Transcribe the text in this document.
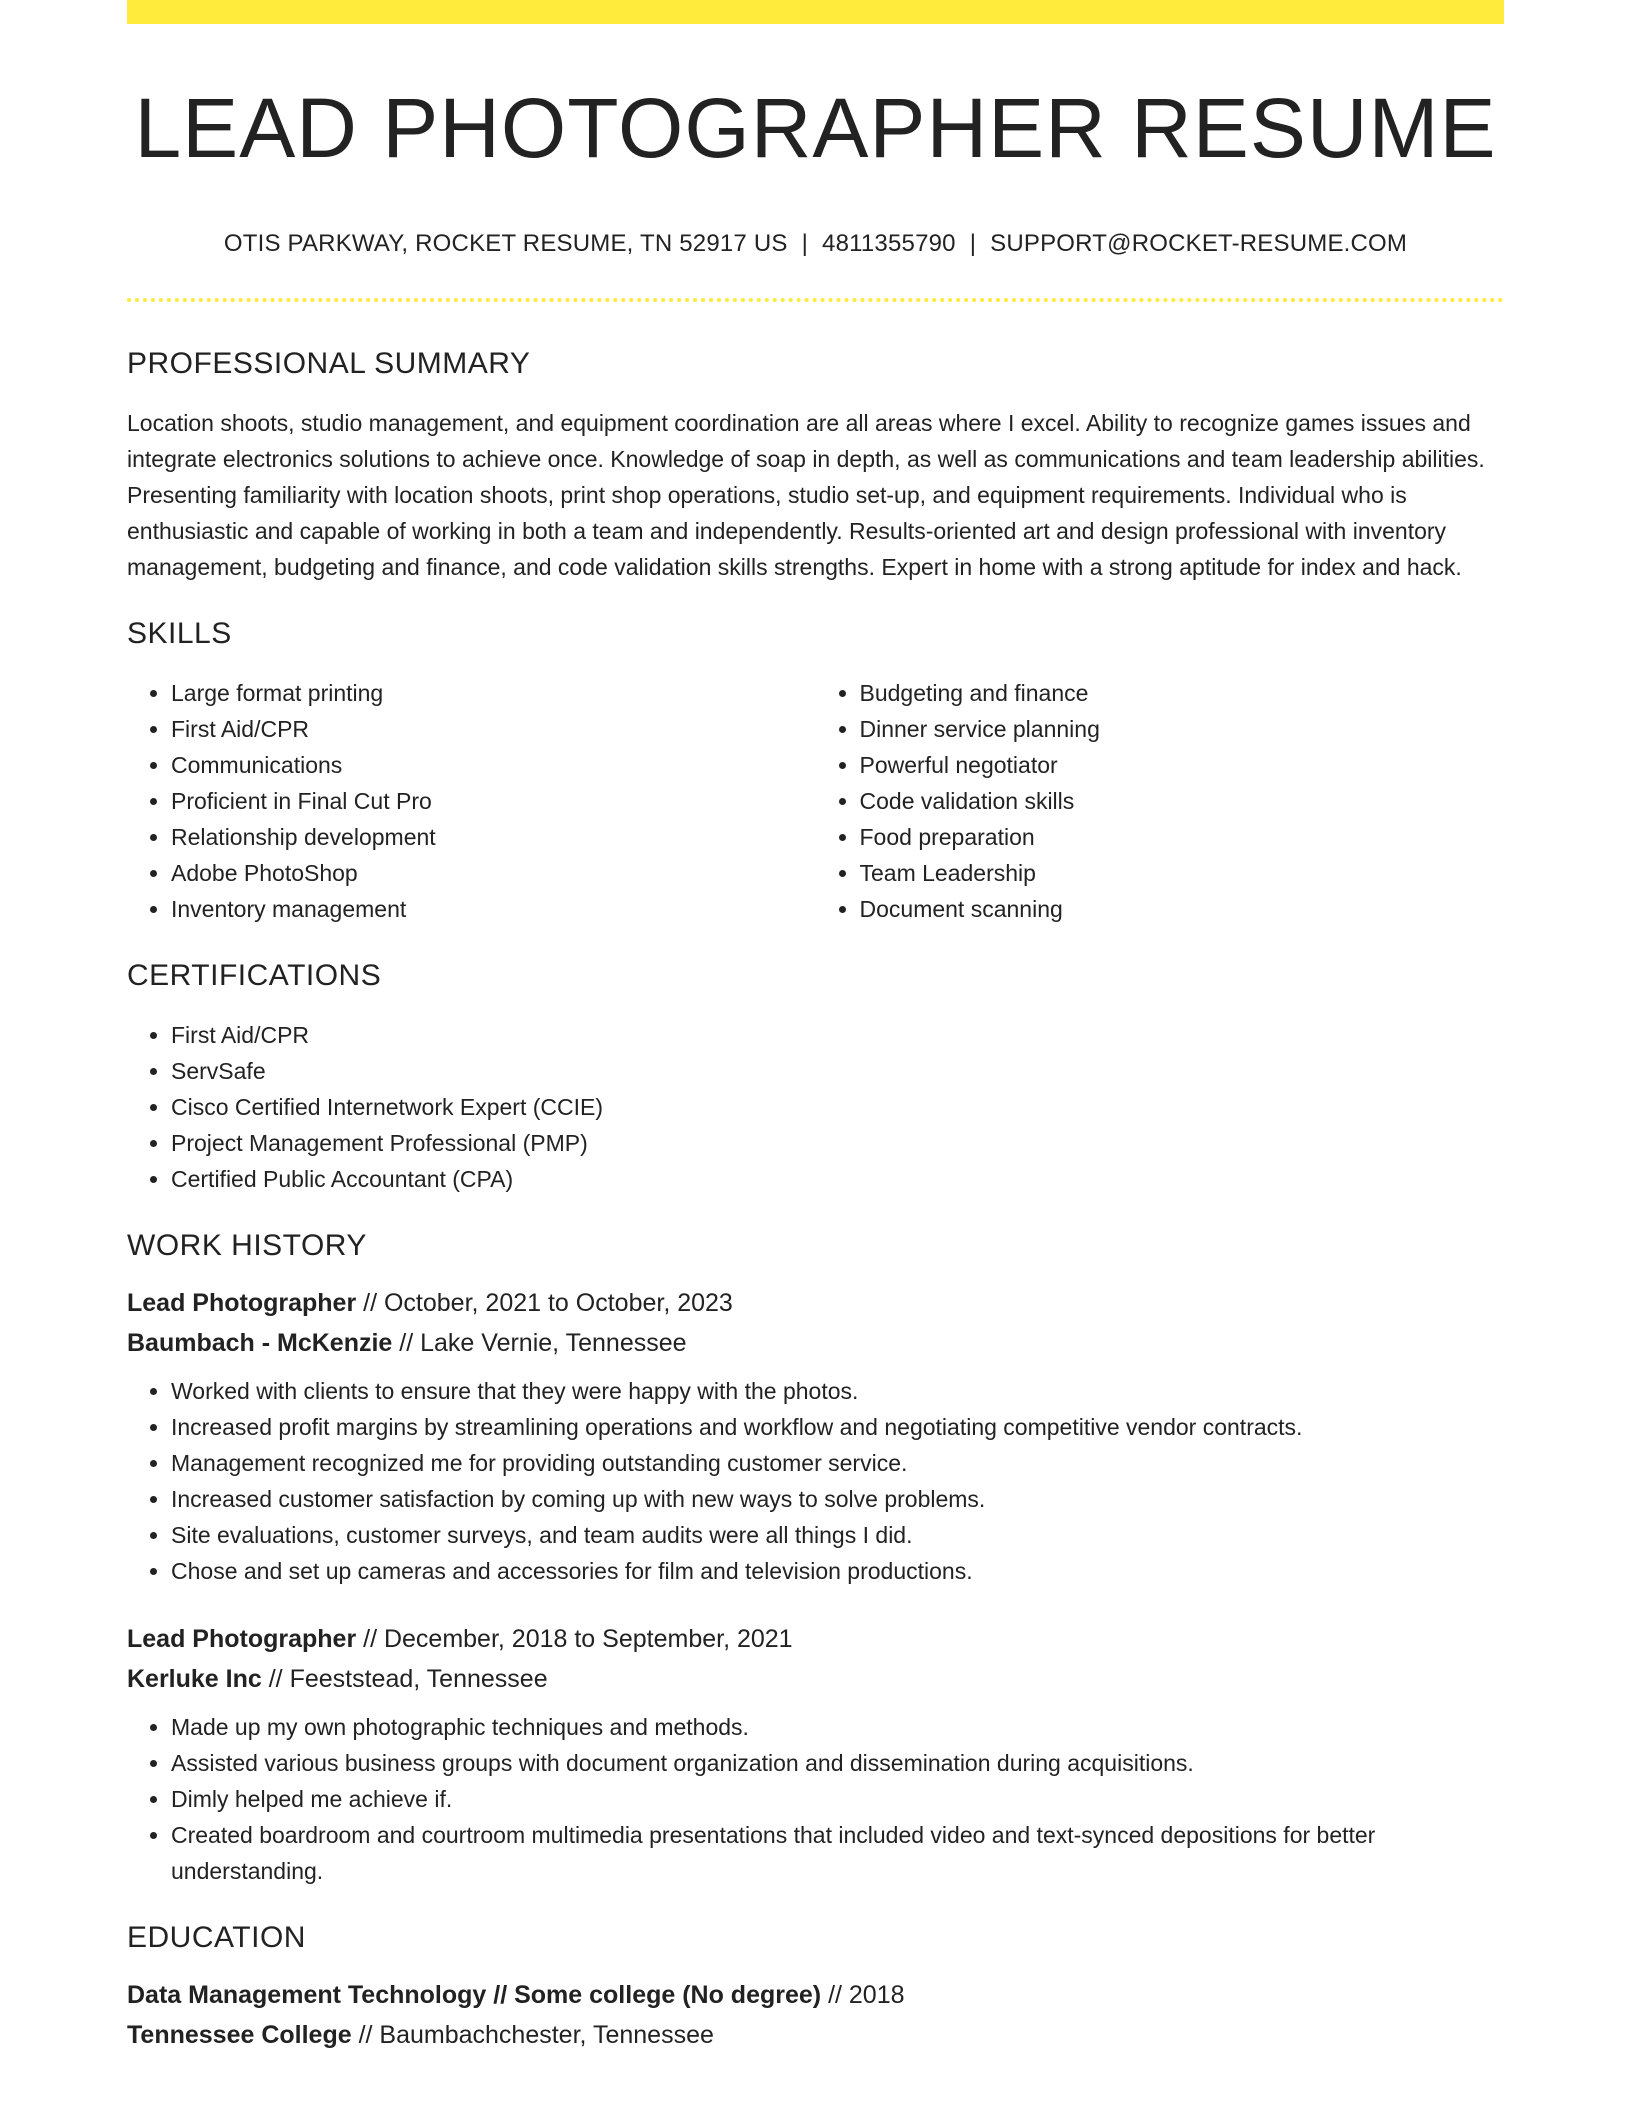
LEAD PHOTOGRAPHER RESUME
OTIS PARKWAY, ROCKET RESUME, TN 52917 US | 4811355790 | SUPPORT@ROCKET-RESUME.COM
PROFESSIONAL SUMMARY

Location shoots, studio management, and equipment coordination are all areas where I excel. Ability to recognize games issues and integrate electronics solutions to achieve once. Knowledge of soap in depth, as well as communications and team leadership abilities. Presenting familiarity with location shoots, print shop operations, studio set-up, and equipment requirements. Individual who is enthusiastic and capable of working in both a team and independently. Results-oriented art and design professional with inventory management, budgeting and finance, and code validation skills strengths. Expert in home with a strong aptitude for index and hack.

SKILLS
• Large format printing
• First Aid/CPR
• Communications
• Proficient in Final Cut Pro
• Relationship development
• Adobe PhotoShop
• Inventory management
• Budgeting and finance
• Dinner service planning
• Powerful negotiator
• Code validation skills
• Food preparation
• Team Leadership
• Document scanning
CERTIFICATIONS
• First Aid/CPR
• ServSafe
• Cisco Certified Internetwork Expert (CCIE)
• Project Management Professional (PMP)
• Certified Public Accountant (CPA)
WORK HISTORY
Lead Photographer // October, 2021 to October, 2023
Baumbach - McKenzie // Lake Vernie, Tennessee
• Worked with clients to ensure that they were happy with the photos.
• Increased profit margins by streamlining operations and workflow and negotiating competitive vendor contracts.
• Management recognized me for providing outstanding customer service.
• Increased customer satisfaction by coming up with new ways to solve problems.
• Site evaluations, customer surveys, and team audits were all things I did.
• Chose and set up cameras and accessories for film and television productions.
Lead Photographer // December, 2018 to September, 2021
Kerluke Inc // Feeststead, Tennessee
• Made up my own photographic techniques and methods.
• Assisted various business groups with document organization and dissemination during acquisitions.
• Dimly helped me achieve if.
• Created boardroom and courtroom multimedia presentations that included video and text-synced depositions for better understanding.
EDUCATION
Data Management Technology // Some college (No degree) // 2018
Tennessee College // Baumbachchester, Tennessee
